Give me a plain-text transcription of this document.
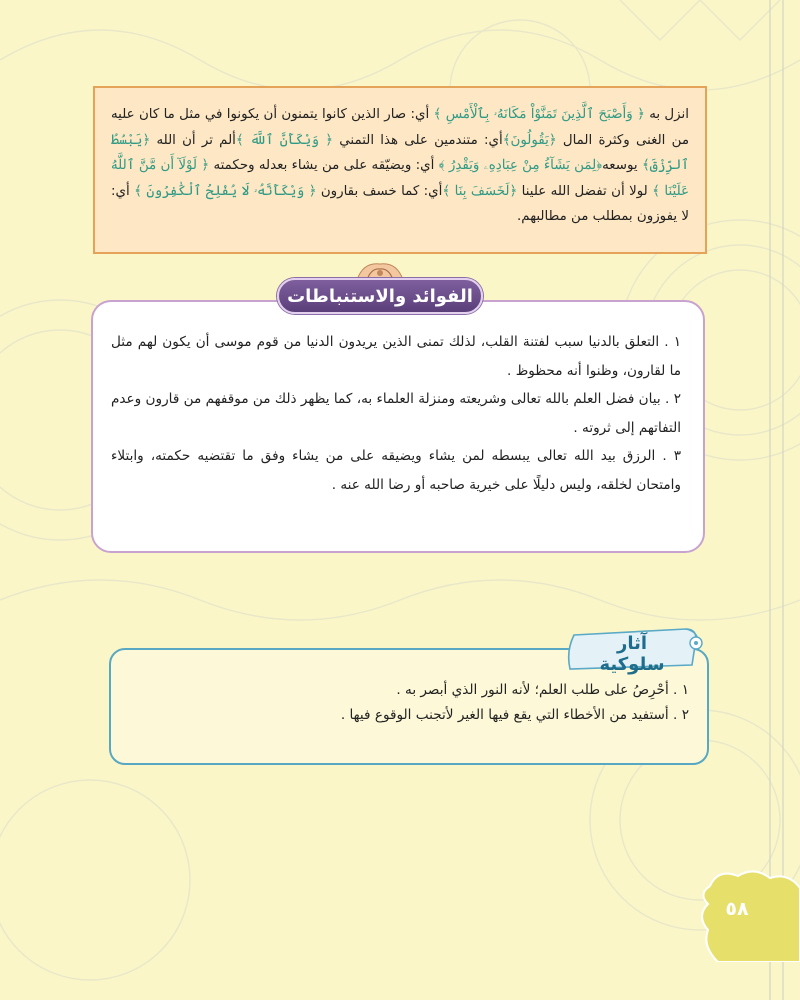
انزل به ﴿ وَأَصْبَحَ ٱلَّذِينَ تَمَنَّوْاْ مَكَانَهُۥ بِٱلْأَمْسِ ﴾ أي: صار الذين كانوا يتمنون أن يكونوا في مثل ما كان عليه من الغنى وكثرة المال ﴿يَقُولُونَ﴾أي: متندمين على هذا التمني ﴿ وَيْكَأَنَّ ٱللَّهَ ﴾ألم تر أن الله ﴿يَبْسُطُ ٱلرِّزْقَ﴾ يوسعه﴿لِمَن يَشَآءُ مِنْ عِبَادِهِۦ وَيَقْدِرُ ﴾ أي: ويضيّقه على من يشاء بعدله وحكمته ﴿ لَوْلَآ أَن مَّنَّ ٱللَّهُ عَلَيْنَا ﴾ لولا أن تفضل الله علينا ﴿لَخَسَفَ بِنَا ﴾أي: كما خسف بقارون ﴿ وَيْكَأَنَّهُۥ لَا يُفْلِحُ ٱلْكَٰفِرُونَ ﴾ أي: لا يفوزون بمطلب من مطالبهم.

١ . التعلق بالدنيا سبب لفتنة القلب، لذلك تمنى الذين يريدون الدنيا من قوم موسى أن يكون لهم مثل ما لقارون، وظنوا أنه محظوظ .

٢ . بيان فضل العلم بالله تعالى وشريعته ومنزلة العلماء به، كما يظهر ذلك من موقفهم من قارون وعدم التفاتهم إلى ثروته .

٣ . الرزق بيد الله تعالى يبسطه لمن يشاء ويضيقه على من يشاء وفق ما تقتضيه حكمته، وابتلاء وامتحان لخلقه، وليس دليلًا على خيرية صاحبه أو رضا الله عنه .

الفوائد والاستنباطات

١ . أحْرِصُ على طلب العلم؛ لأنه النور الذي أبصر به .

٢ . أستفيد من الأخطاء التي يقع فيها الغير لأتجنب الوقوع فيها .

آثار سلوكية
٥٨
